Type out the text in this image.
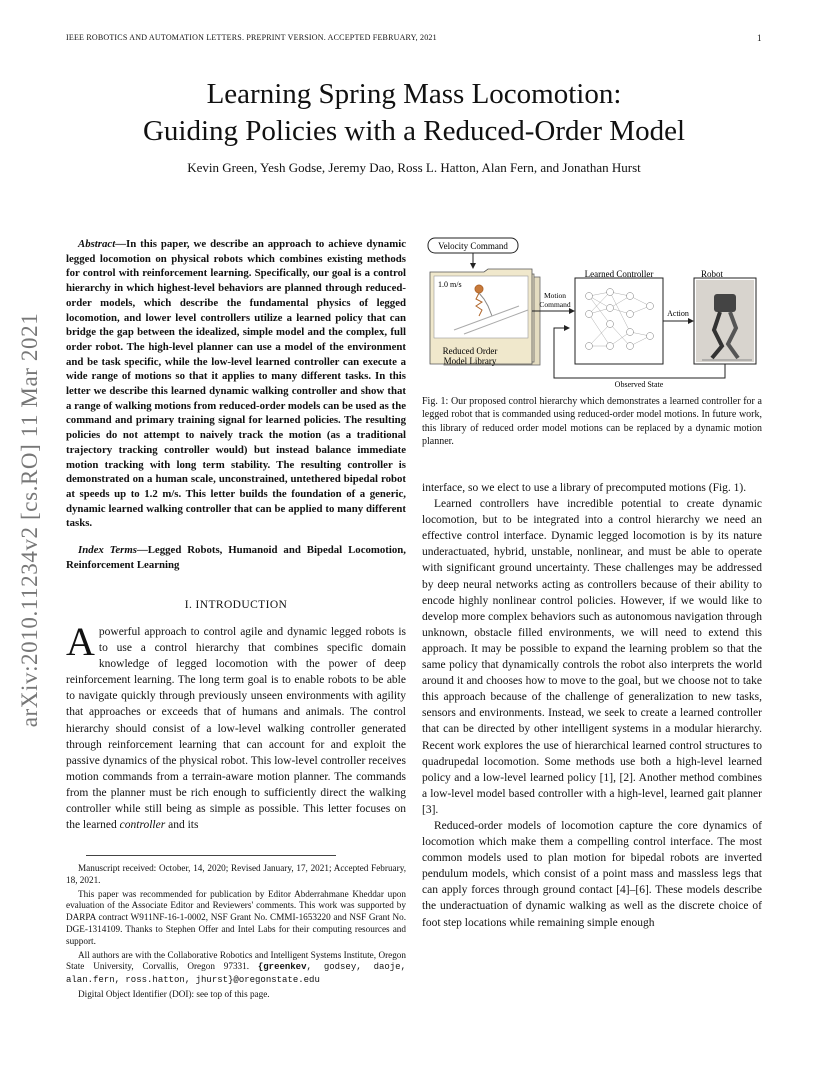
IEEE ROBOTICS AND AUTOMATION LETTERS. PREPRINT VERSION. ACCEPTED FEBRUARY, 2021	1
Learning Spring Mass Locomotion:
Guiding Policies with a Reduced-Order Model
Kevin Green, Yesh Godse, Jeremy Dao, Ross L. Hatton, Alan Fern, and Jonathan Hurst
arXiv:2010.11234v2 [cs.RO] 11 Mar 2021
Abstract—In this paper, we describe an approach to achieve dynamic legged locomotion on physical robots which combines existing methods for control with reinforcement learning. Specifically, our goal is a control hierarchy in which highest-level behaviors are planned through reduced-order models, which describe the fundamental physics of legged locomotion, and lower level controllers utilize a learned policy that can bridge the gap between the idealized, simple model and the complex, full order robot. The high-level planner can use a model of the environment and be task specific, while the low-level learned controller can execute a wide range of motions so that it applies to many different tasks. In this letter we describe this learned dynamic walking controller and show that a range of walking motions from reduced-order models can be used as the command and primary training signal for learned policies. The resulting policies do not attempt to naively track the motion (as a traditional trajectory tracking controller would) but instead balance immediate motion tracking with long term stability. The resulting controller is demonstrated on a human scale, unconstrained, untethered bipedal robot at speeds up to 1.2 m/s. This letter builds the foundation of a generic, dynamic learned walking controller that can be applied to many different tasks.
Index Terms—Legged Robots, Humanoid and Bipedal Locomotion, Reinforcement Learning
I. INTRODUCTION
Apowerful approach to control agile and dynamic legged robots is to use a control hierarchy that combines specific domain knowledge of legged locomotion with the power of deep reinforcement learning. The long term goal is to enable robots to be able to navigate quickly through previously unseen environments with agility that approaches or exceeds that of humans and animals. The control hierarchy should consist of a low-level walking controller generated through reinforcement learning that can account for and exploit the passive dynamics of the physical robot. This low-level controller receives motion commands from a terrain-aware motion planner. The commands from the planner must be rich enough to sufficiently direct the walking controller while still being as simple as possible. This letter focuses on the learned controller and its

Manuscript received: October, 14, 2020; Revised January, 17, 2021; Accepted February, 18, 2021.

This paper was recommended for publication by Editor Abderrahmane Kheddar upon evaluation of the Associate Editor and Reviewers' comments. This work was supported by DARPA contract W911NF-16-1-0002, NSF Grant No. CMMI-1653220 and NSF Grant No. DGE-1314109. Thanks to Stephen Offer and Intel Labs for their computing resources and support.

All authors are with the Collaborative Robotics and Intelligent Systems Institute, Oregon State University, Corvallis, Oregon 97331. {greenkev, godsey, daoje, alan.fern, ross.hatton, jhurst}@oregonstate.edu

Digital Object Identifier (DOI): see top of this page.

Velocity Command
1.0 m/s
Reduced Order
Model Library
Motion
Command
Learned Controller
Action
Robot
Observed State
Fig. 1: Our proposed control hierarchy which demonstrates a learned controller for a legged robot that is commanded using reduced-order model motions. In future work, this library of reduced order model motions can be replaced by a dynamic motion planner.

interface, so we elect to use a library of precomputed motions (Fig. 1).

Learned controllers have incredible potential to create dynamic locomotion, but to be integrated into a control hierarchy we need an effective control interface. Dynamic legged locomotion is by its nature underactuated, hybrid, unstable, nonlinear, and must be able to operate with significant ground uncertainty. These challenges may be addressed by deep neural networks acting as controllers because of their ability to encode highly nonlinear control policies. However, if we would like to develop more complex behaviors such as autonomous navigation through unknown, obstacle filled environments, we will need to extend this approach. It may be possible to expand the learning problem so that the same policy that dynamically controls the robot also interprets the world around it and chooses how to move to the goal, but we choose not to take this approach because of the challenge of generalization to new tasks, sensors and environments. Instead, we seek to create a learned controller that can be directed by other intelligent systems in a modular hierarchy. Recent work explores the use of hierarchical learned control structures to quadrupedal locomotion. Some methods use both a high-level learned policy and a low-level learned policy [1], [2]. Another method combines a low-level model based controller with a high-level, learned gait planner [3].

Reduced-order models of locomotion capture the core dynamics of locomotion which make them a compelling control interface. The most common models used to plan motion for bipedal robots are inverted pendulum models, which consist of a point mass and massless legs that can apply forces through ground contact [4]–[6]. These models describe the underactuation of dynamic walking as well as the discrete choice of foot step locations while remaining simple enough
